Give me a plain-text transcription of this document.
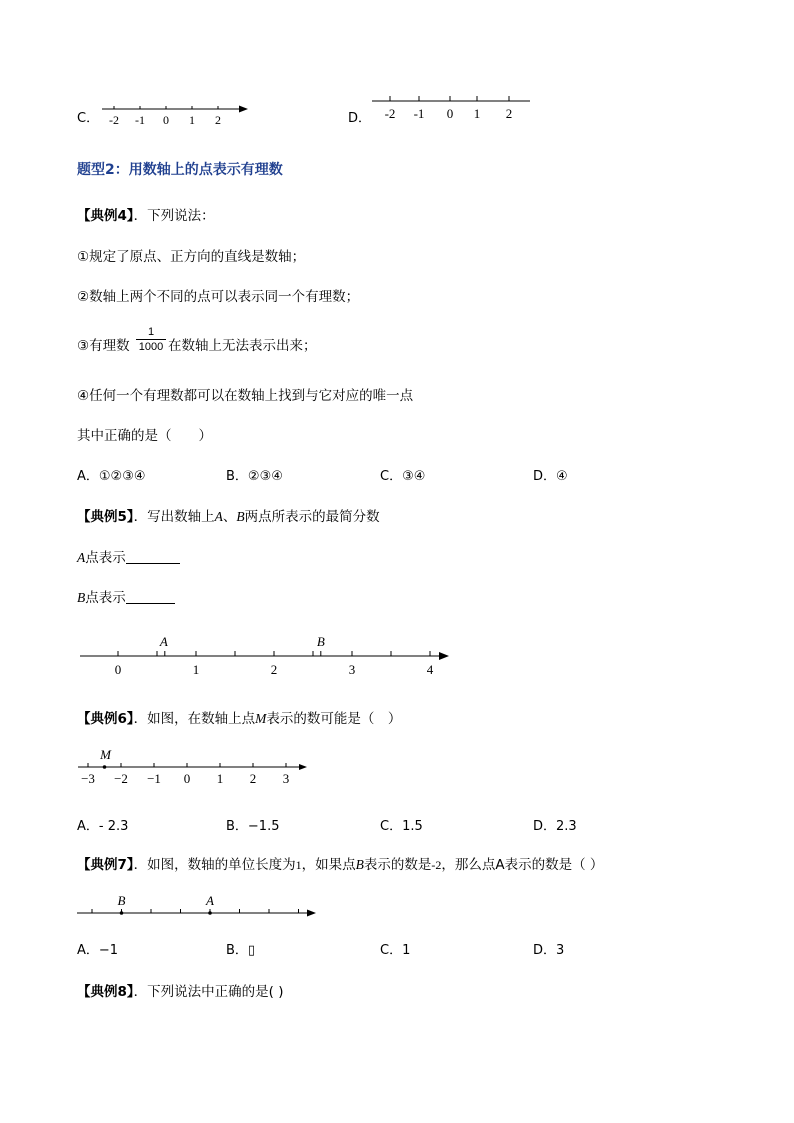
C． -2 -1 0 1 2	D． -2 -1 0 1 2
题型2：用数轴上的点表示有理数
【典例4】．下列说法：
①规定了原点、正方向的直线是数轴；
②数轴上两个不同的点可以表示同一个有理数；
③有理数 $\frac{1}{1000}$ 在数轴上无法表示出来；
④任何一个有理数都可以在数轴上找到与它对应的唯一点
其中正确的是（　　）
A．①②③④	B．②③④	C．③④	D．④
【典例5】．写出数轴上A、B两点所表示的最简分数
A点表示
B点表示
0	1	2	3	4
A	B
【典例6】．如图，在数轴上点M表示的数可能是（　）
−3 −2 −1 0 1 2 3
M
A．- 2.3	B．−1.5	C．1.5	D．2.3
【典例7】．如图，数轴的单位长度为1，如果点B表示的数是-2，那么点A表示的数是（ ）
B	A
A．−1	B．▯	C．1	D．3
【典例8】．下列说法中正确的是( )
